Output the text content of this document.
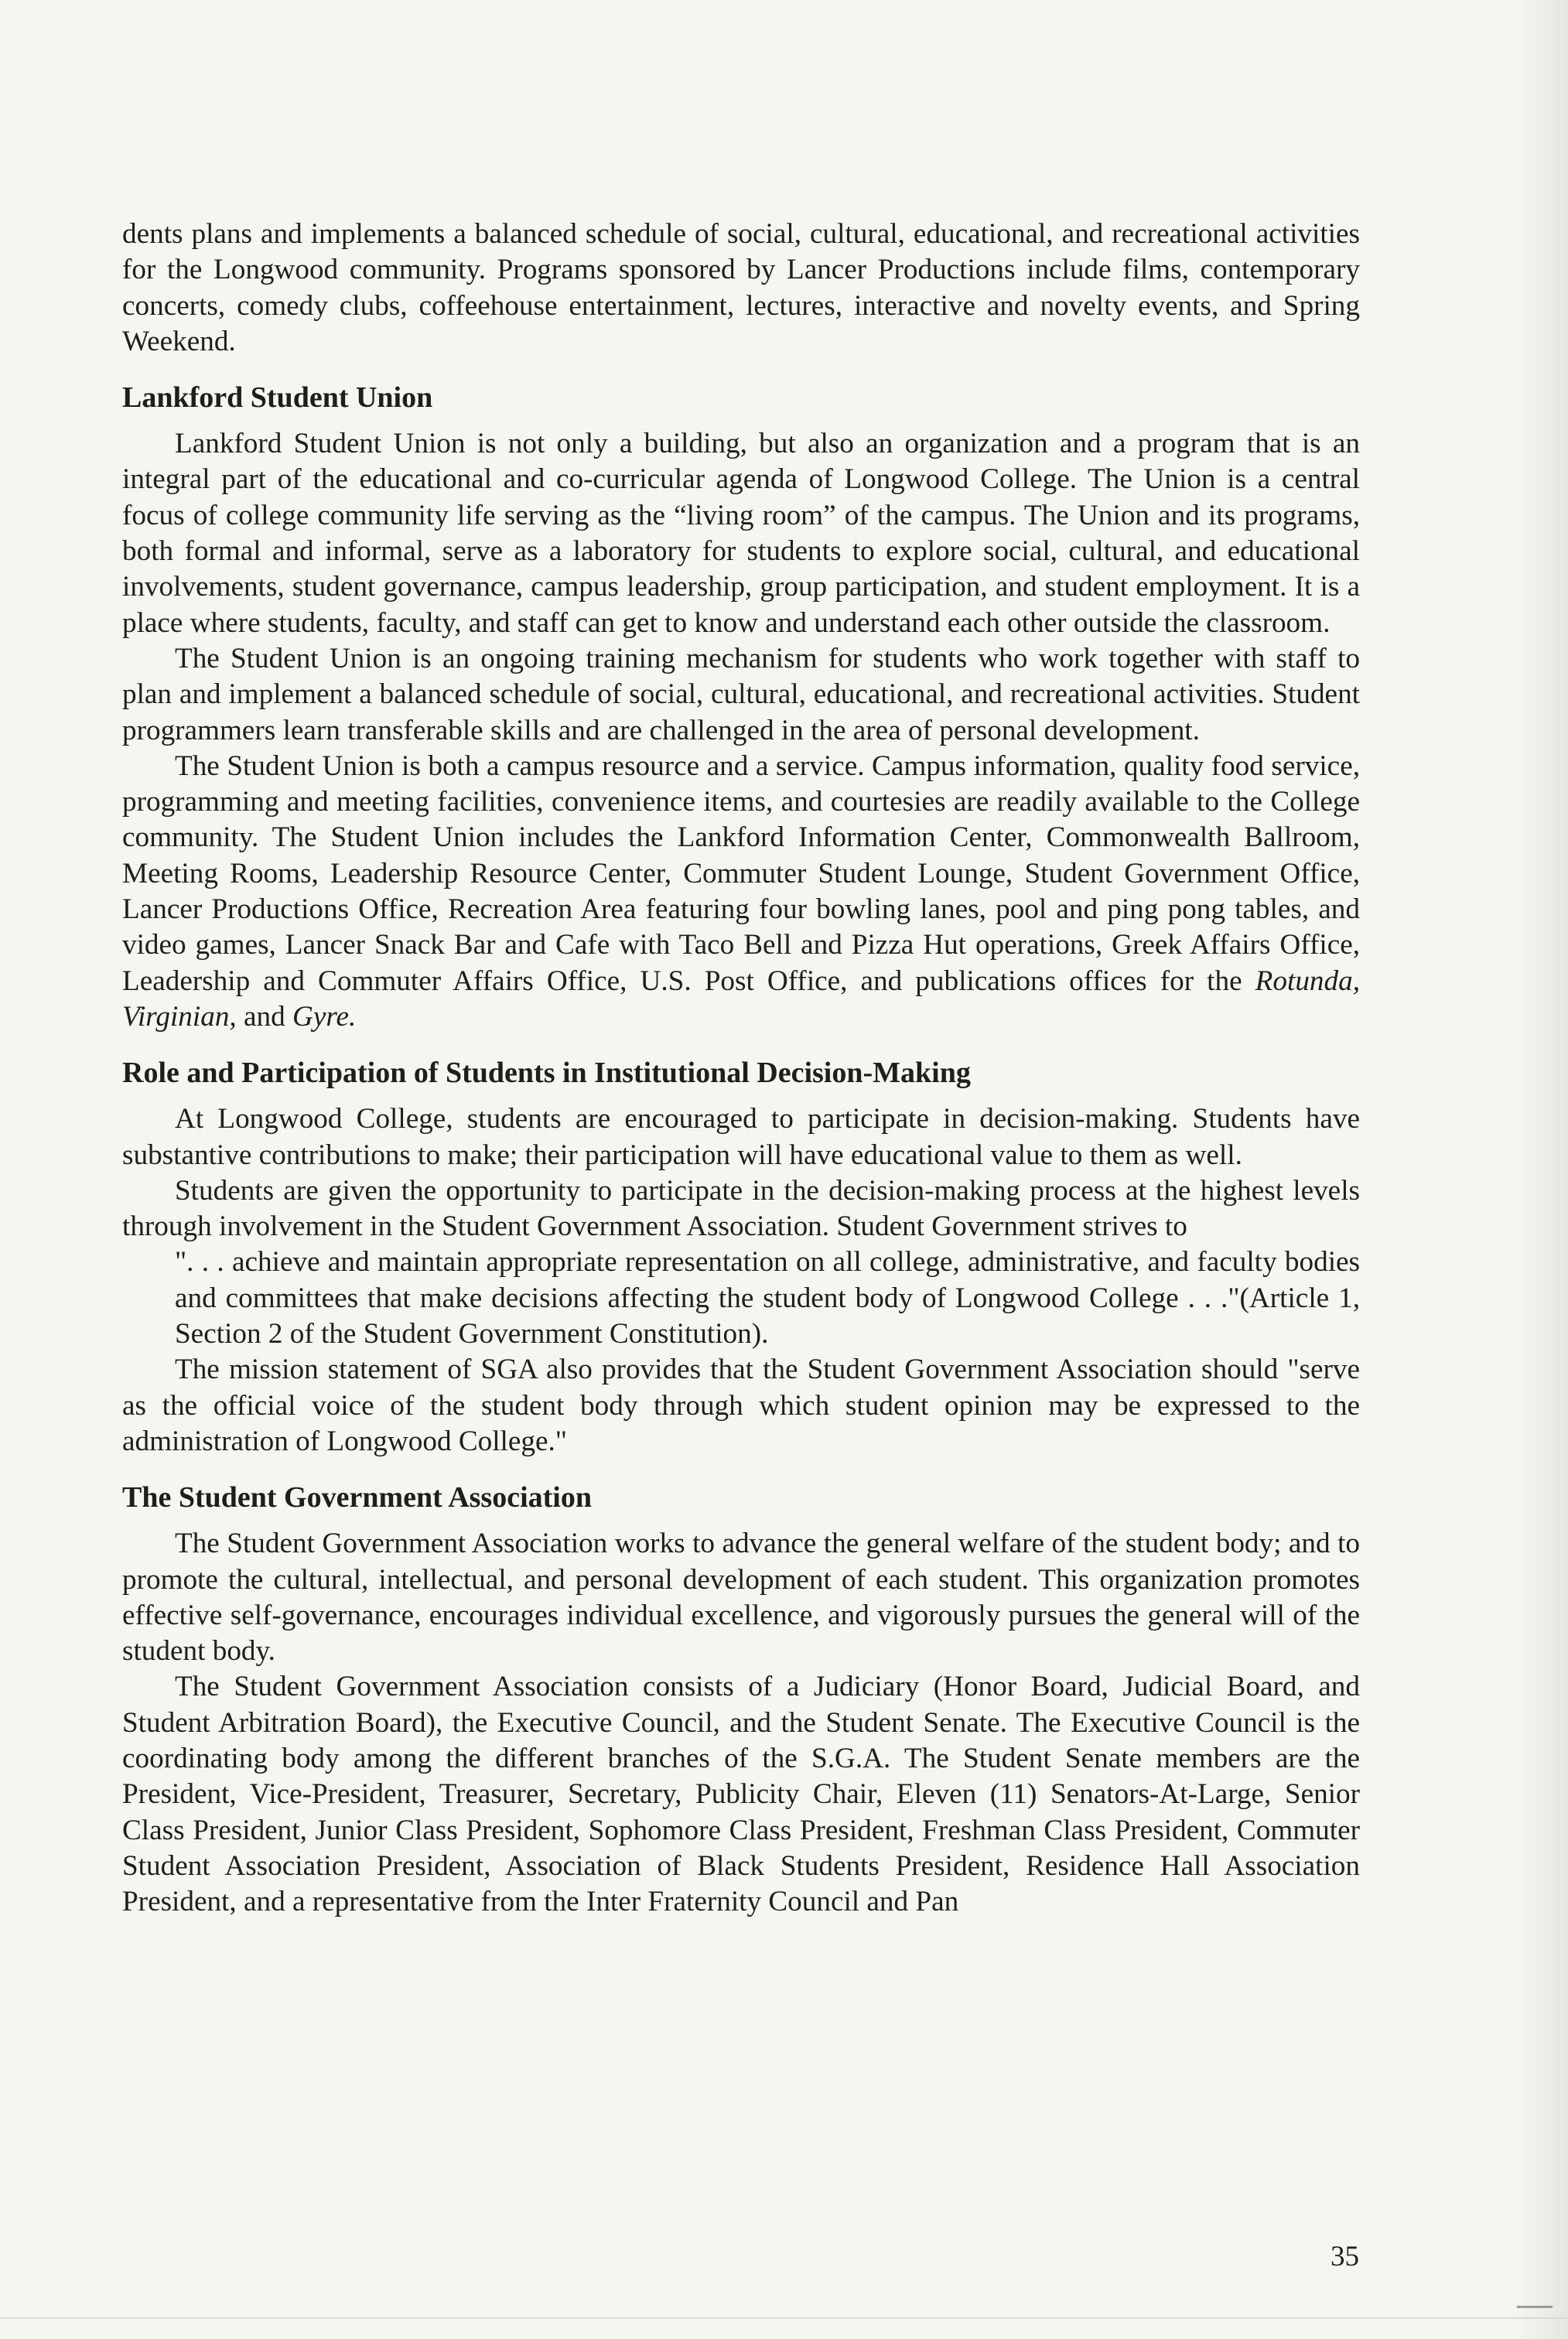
dents plans and implements a balanced schedule of social, cultural, educational, and recreational activities for the Longwood community. Programs sponsored by Lancer Productions include films, contemporary concerts, comedy clubs, coffeehouse entertainment, lectures, interactive and novelty events, and Spring Weekend.

Lankford Student Union

Lankford Student Union is not only a building, but also an organization and a program that is an integral part of the educational and co-curricular agenda of Longwood College. The Union is a central focus of college community life serving as the “living room” of the campus. The Union and its programs, both formal and informal, serve as a laboratory for students to explore social, cultural, and educational involvements, student governance, campus leadership, group participation, and student employment. It is a place where students, faculty, and staff can get to know and understand each other outside the classroom.

The Student Union is an ongoing training mechanism for students who work together with staff to plan and implement a balanced schedule of social, cultural, educational, and recreational activities. Student programmers learn transferable skills and are challenged in the area of personal development.

The Student Union is both a campus resource and a service. Campus information, quality food service, programming and meeting facilities, convenience items, and courtesies are readily available to the College community. The Student Union includes the Lankford Information Center, Commonwealth Ballroom, Meeting Rooms, Leadership Resource Center, Commuter Student Lounge, Student Government Office, Lancer Productions Office, Recreation Area featuring four bowling lanes, pool and ping pong tables, and video games, Lancer Snack Bar and Cafe with Taco Bell and Pizza Hut operations, Greek Affairs Office, Leadership and Commuter Affairs Office, U.S. Post Office, and publications offices for the Rotunda, Virginian, and Gyre.

Role and Participation of Students in Institutional Decision-Making

At Longwood College, students are encouraged to participate in decision-making. Students have substantive contributions to make; their participation will have educational value to them as well.

Students are given the opportunity to participate in the decision-making process at the highest levels through involvement in the Student Government Association. Student Government strives to

". . . achieve and maintain appropriate representation on all college, administrative, and faculty bodies and committees that make decisions affecting the student body of Longwood College . . ."(Article 1, Section 2 of the Student Government Constitution).

The mission statement of SGA also provides that the Student Government Association should "serve as the official voice of the student body through which student opinion may be expressed to the administration of Longwood College."

The Student Government Association

The Student Government Association works to advance the general welfare of the student body; and to promote the cultural, intellectual, and personal development of each student. This organization promotes effective self-governance, encourages individual excellence, and vigorously pursues the general will of the student body.

The Student Government Association consists of a Judiciary (Honor Board, Judicial Board, and Student Arbitration Board), the Executive Council, and the Student Senate. The Executive Council is the coordinating body among the different branches of the S.G.A. The Student Senate members are the President, Vice-President, Treasurer, Secretary, Publicity Chair, Eleven (11) Senators-At-Large, Senior Class President, Junior Class President, Sophomore Class President, Freshman Class President, Commuter Student Association President, Association of Black Students President, Residence Hall Association President, and a representative from the Inter Fraternity Council and Pan

35
